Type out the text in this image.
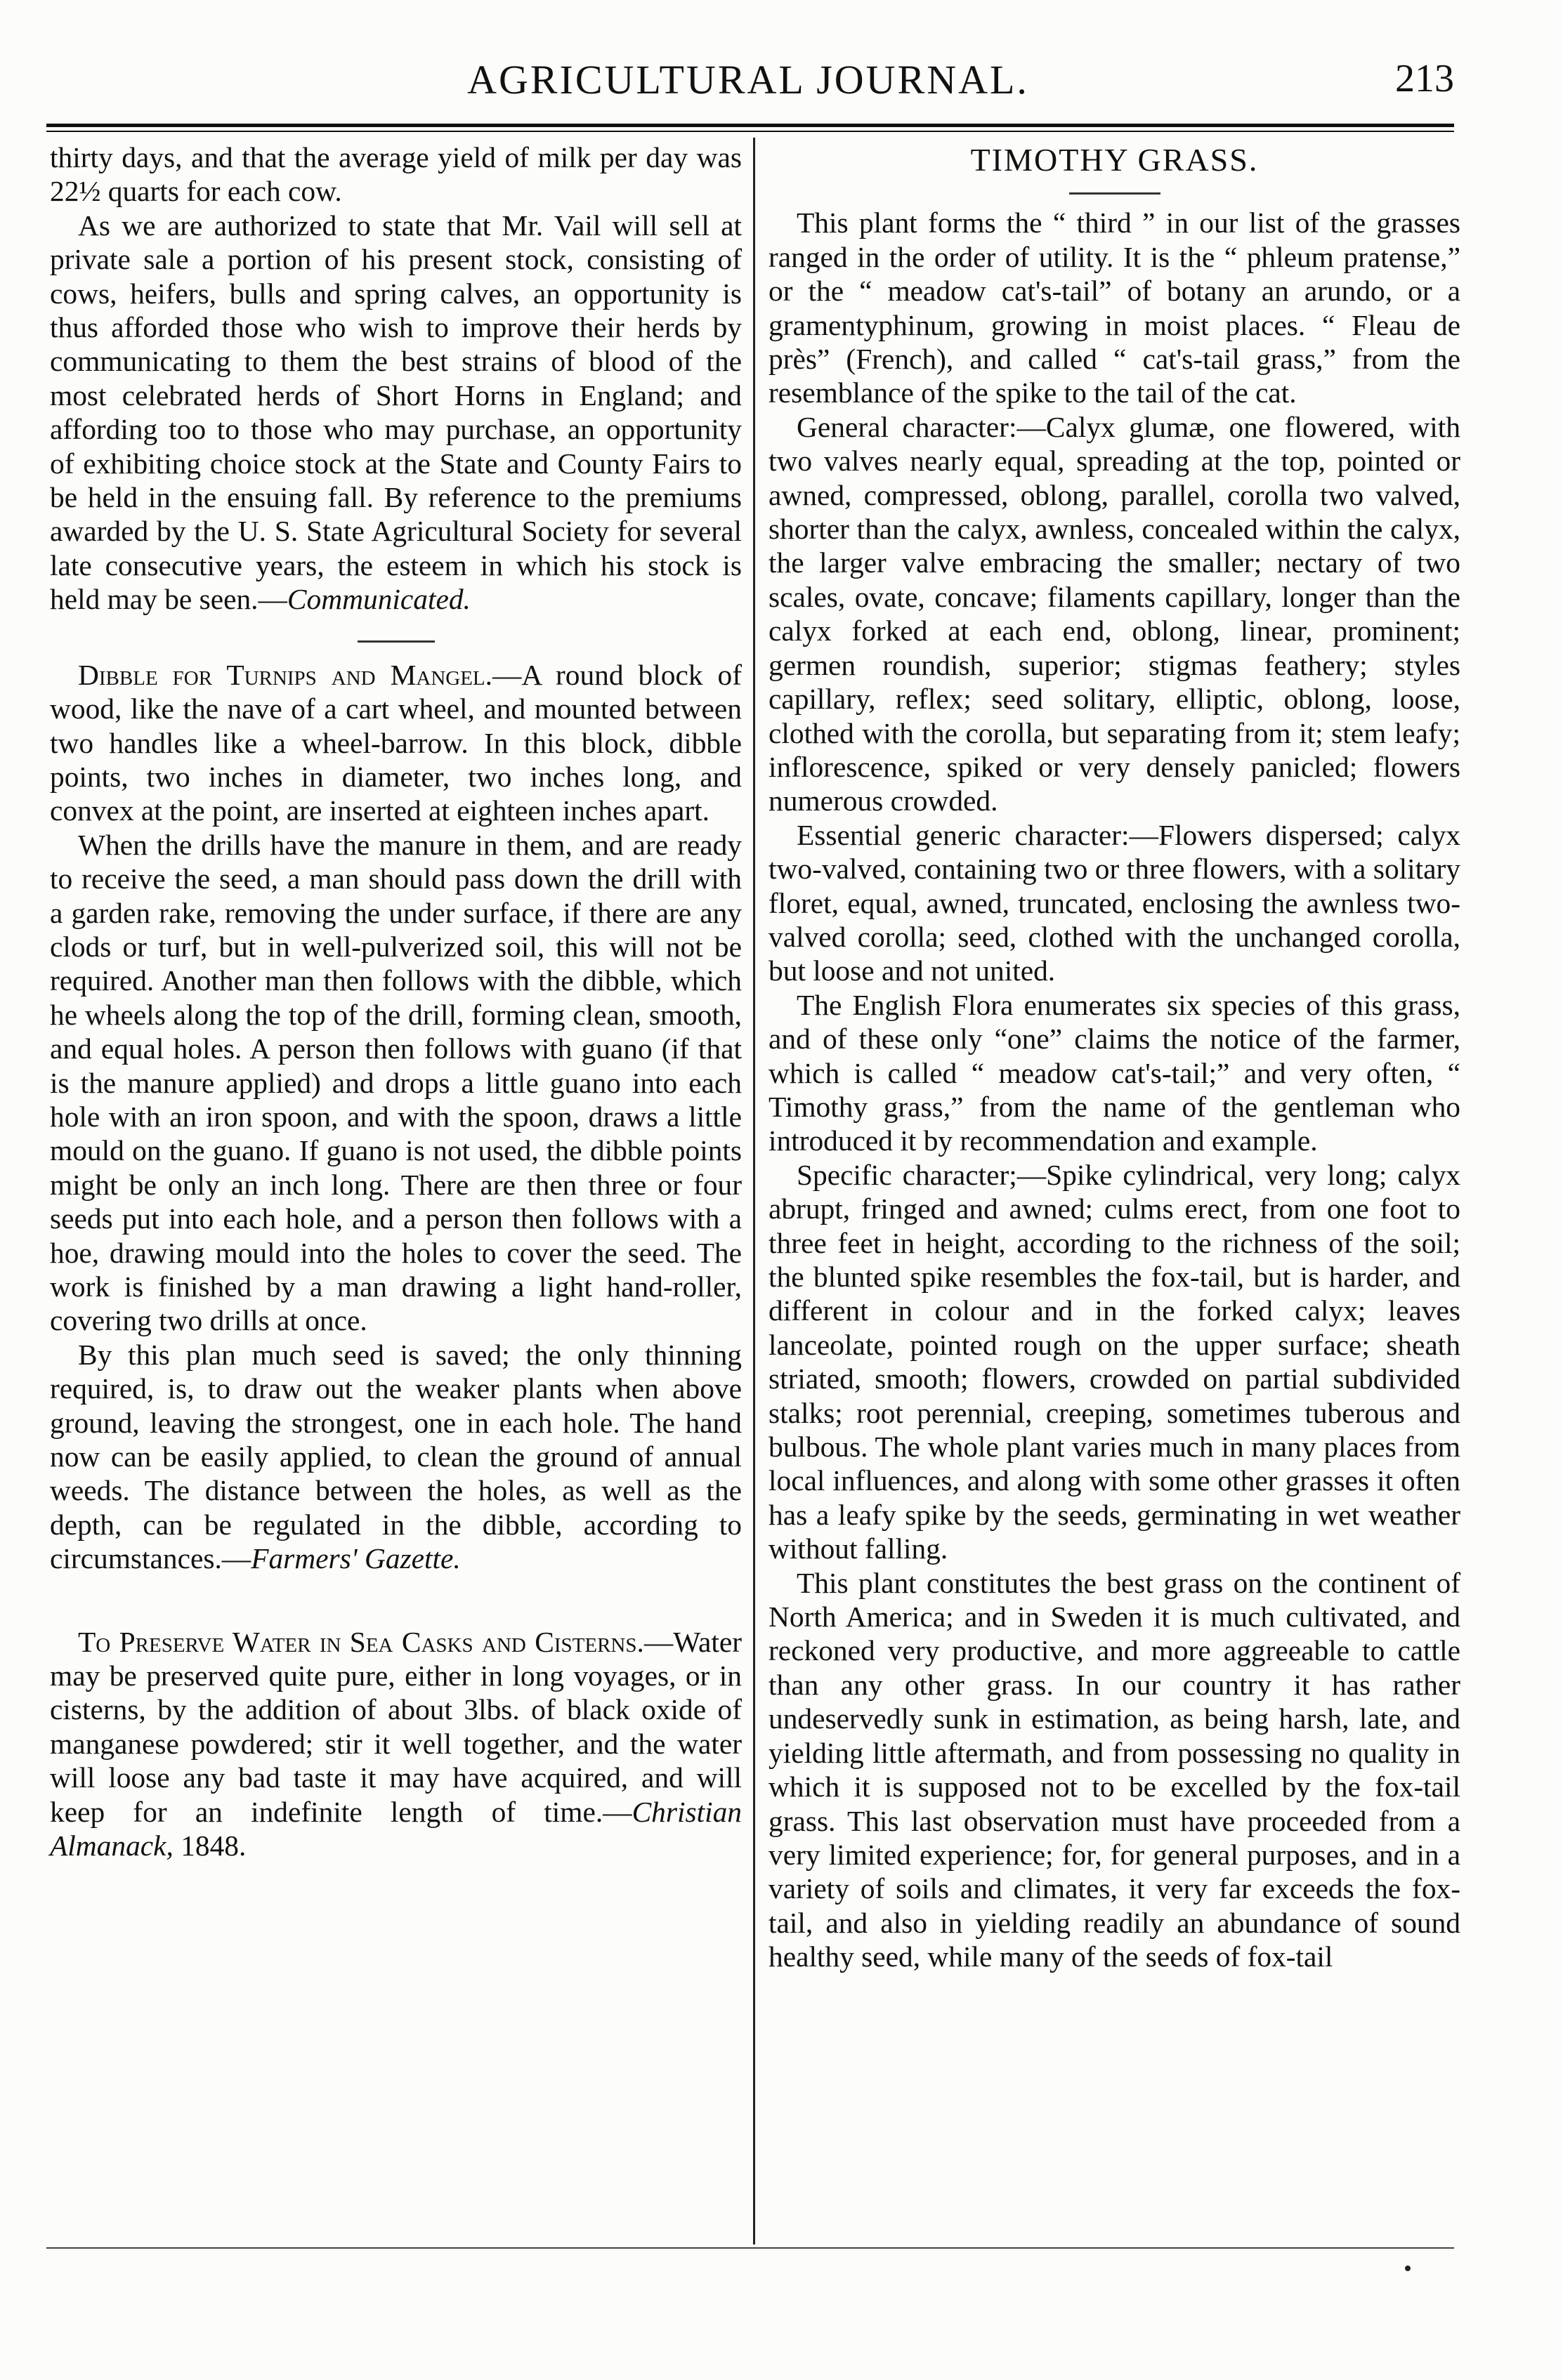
AGRICULTURAL JOURNAL.	213

thirty days, and that the average yield of milk per day was 22½ quarts for each cow.

As we are authorized to state that Mr. Vail will sell at private sale a portion of his present stock, consisting of cows, heifers, bulls and spring calves, an opportunity is thus afforded those who wish to improve their herds by communicating to them the best strains of blood of the most celebrated herds of Short Horns in England; and affording too to those who may purchase, an opportunity of exhibiting choice stock at the State and County Fairs to be held in the ensuing fall. By reference to the premiums awarded by the U. S. State Agricultural Society for several late consecutive years, the esteem in which his stock is held may be seen.—Communicated.

Dibble for Turnips and Mangel.—A round block of wood, like the nave of a cart wheel, and mounted between two handles like a wheel-barrow. In this block, dibble points, two inches in diameter, two inches long, and convex at the point, are inserted at eighteen inches apart.

When the drills have the manure in them, and are ready to receive the seed, a man should pass down the drill with a garden rake, removing the under surface, if there are any clods or turf, but in well-pulverized soil, this will not be required. Another man then follows with the dibble, which he wheels along the top of the drill, forming clean, smooth, and equal holes. A person then follows with guano (if that is the manure applied) and drops a little guano into each hole with an iron spoon, and with the spoon, draws a little mould on the guano. If guano is not used, the dibble points might be only an inch long. There are then three or four seeds put into each hole, and a person then follows with a hoe, drawing mould into the holes to cover the seed. The work is finished by a man drawing a light hand-roller, covering two drills at once.

By this plan much seed is saved; the only thinning required, is, to draw out the weaker plants when above ground, leaving the strongest, one in each hole. The hand now can be easily applied, to clean the ground of annual weeds. The distance between the holes, as well as the depth, can be regulated in the dibble, according to circumstances.—Farmers' Gazette.

To Preserve Water in Sea Casks and Cisterns.—Water may be preserved quite pure, either in long voyages, or in cisterns, by the addition of about 3lbs. of black oxide of manganese powdered; stir it well together, and the water will loose any bad taste it may have acquired, and will keep for an indefinite length of time.—Christian Almanack, 1848.

TIMOTHY GRASS.

This plant forms the “ third ” in our list of the grasses ranged in the order of utility. It is the “ phleum pratense,” or the “ meadow cat's-tail” of botany an arundo, or a gramentyphinum, growing in moist places. “ Fleau de près” (French), and called “ cat's-tail grass,” from the resemblance of the spike to the tail of the cat.

General character:—Calyx glumæ, one flowered, with two valves nearly equal, spreading at the top, pointed or awned, compressed, oblong, parallel, corolla two valved, shorter than the calyx, awnless, concealed within the calyx, the larger valve embracing the smaller; nectary of two scales, ovate, concave; filaments capillary, longer than the calyx forked at each end, oblong, linear, prominent; germen roundish, superior; stigmas feathery; styles capillary, reflex; seed solitary, elliptic, oblong, loose, clothed with the corolla, but separating from it; stem leafy; inflorescence, spiked or very densely panicled; flowers numerous crowded.

Essential generic character:—Flowers dispersed; calyx two-valved, containing two or three flowers, with a solitary floret, equal, awned, truncated, enclosing the awnless two-valved corolla; seed, clothed with the unchanged corolla, but loose and not united.

The English Flora enumerates six species of this grass, and of these only “one” claims the notice of the farmer, which is called “ meadow cat's-tail;” and very often, “ Timothy grass,” from the name of the gentleman who introduced it by recommendation and example.

Specific character;—Spike cylindrical, very long; calyx abrupt, fringed and awned; culms erect, from one foot to three feet in height, according to the richness of the soil; the blunted spike resembles the fox-tail, but is harder, and different in colour and in the forked calyx; leaves lanceolate, pointed rough on the upper surface; sheath striated, smooth; flowers, crowded on partial subdivided stalks; root perennial, creeping, sometimes tuberous and bulbous. The whole plant varies much in many places from local influences, and along with some other grasses it often has a leafy spike by the seeds, germinating in wet weather without falling.

This plant constitutes the best grass on the continent of North America; and in Sweden it is much cultivated, and reckoned very productive, and more aggreeable to cattle than any other grass. In our country it has rather undeservedly sunk in estimation, as being harsh, late, and yielding little aftermath, and from possessing no quality in which it is supposed not to be excelled by the fox-tail grass. This last observation must have proceeded from a very limited experience; for, for general purposes, and in a variety of soils and climates, it very far exceeds the fox-tail, and also in yielding readily an abundance of sound healthy seed, while many of the seeds of fox-tail
